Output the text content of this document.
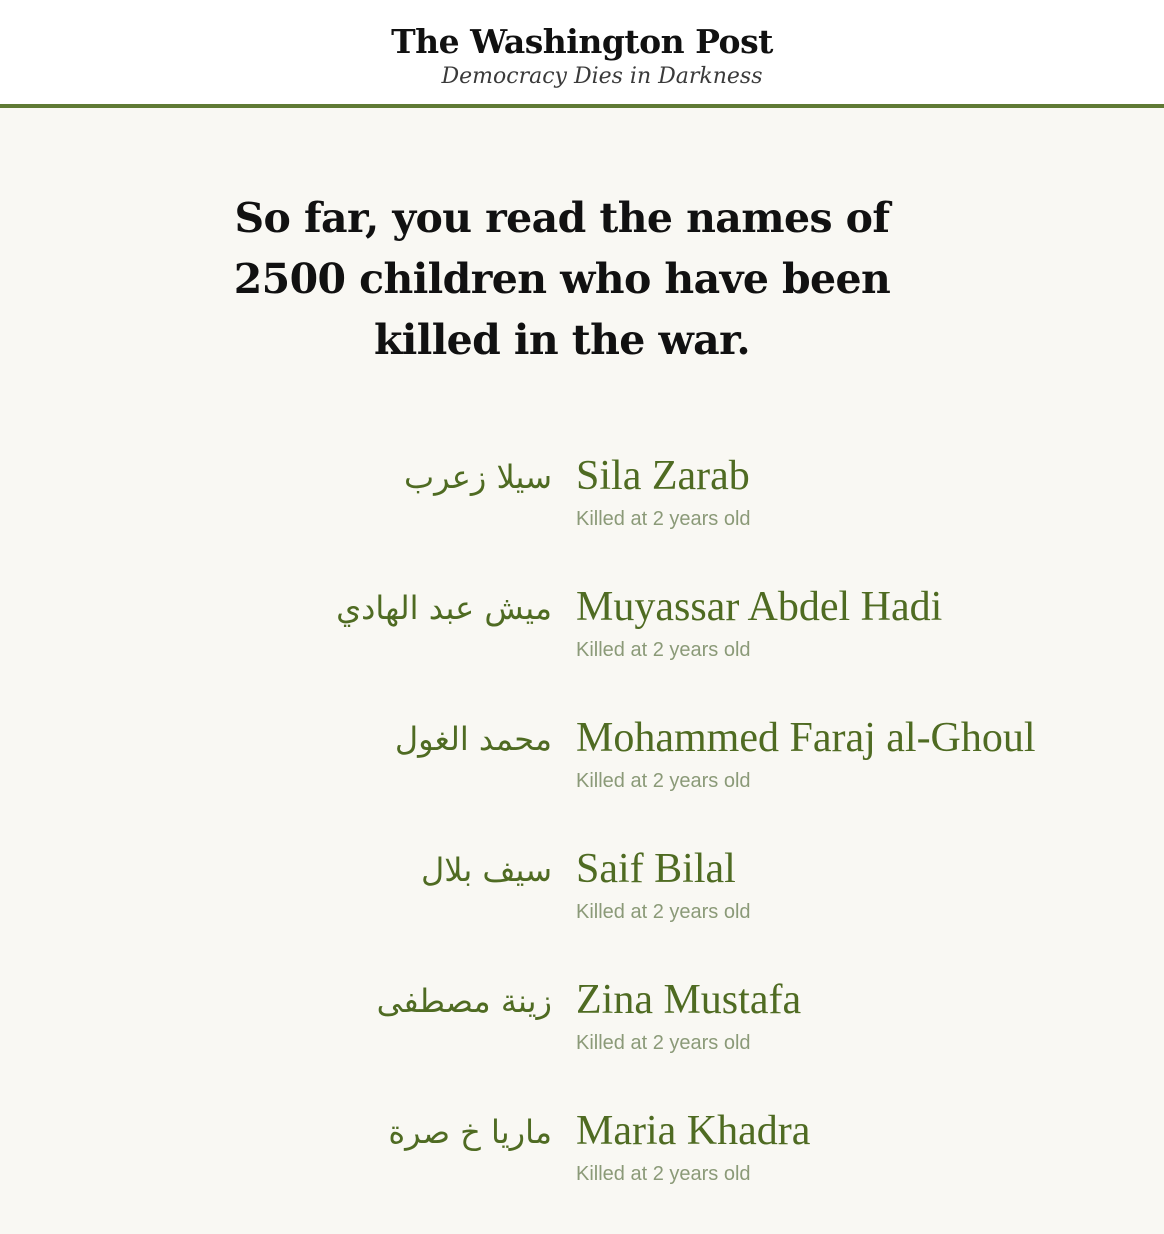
The Washington Post
Democracy Dies in Darkness
So far, you read the names of 2500 children who have been killed in the war.
سيلا زعرب Sila Zarab
Killed at 2 years old
ميش عبد الهادي Muyassar Abdel Hadi
Killed at 2 years old
محمد الغول Mohammed Faraj al-Ghoul
Killed at 2 years old
سيف بلال Saif Bilal
Killed at 2 years old
زينة مصطفى Zina Mustafa
Killed at 2 years old
ماريا خ صرة Maria Khadra
Killed at 2 years old
